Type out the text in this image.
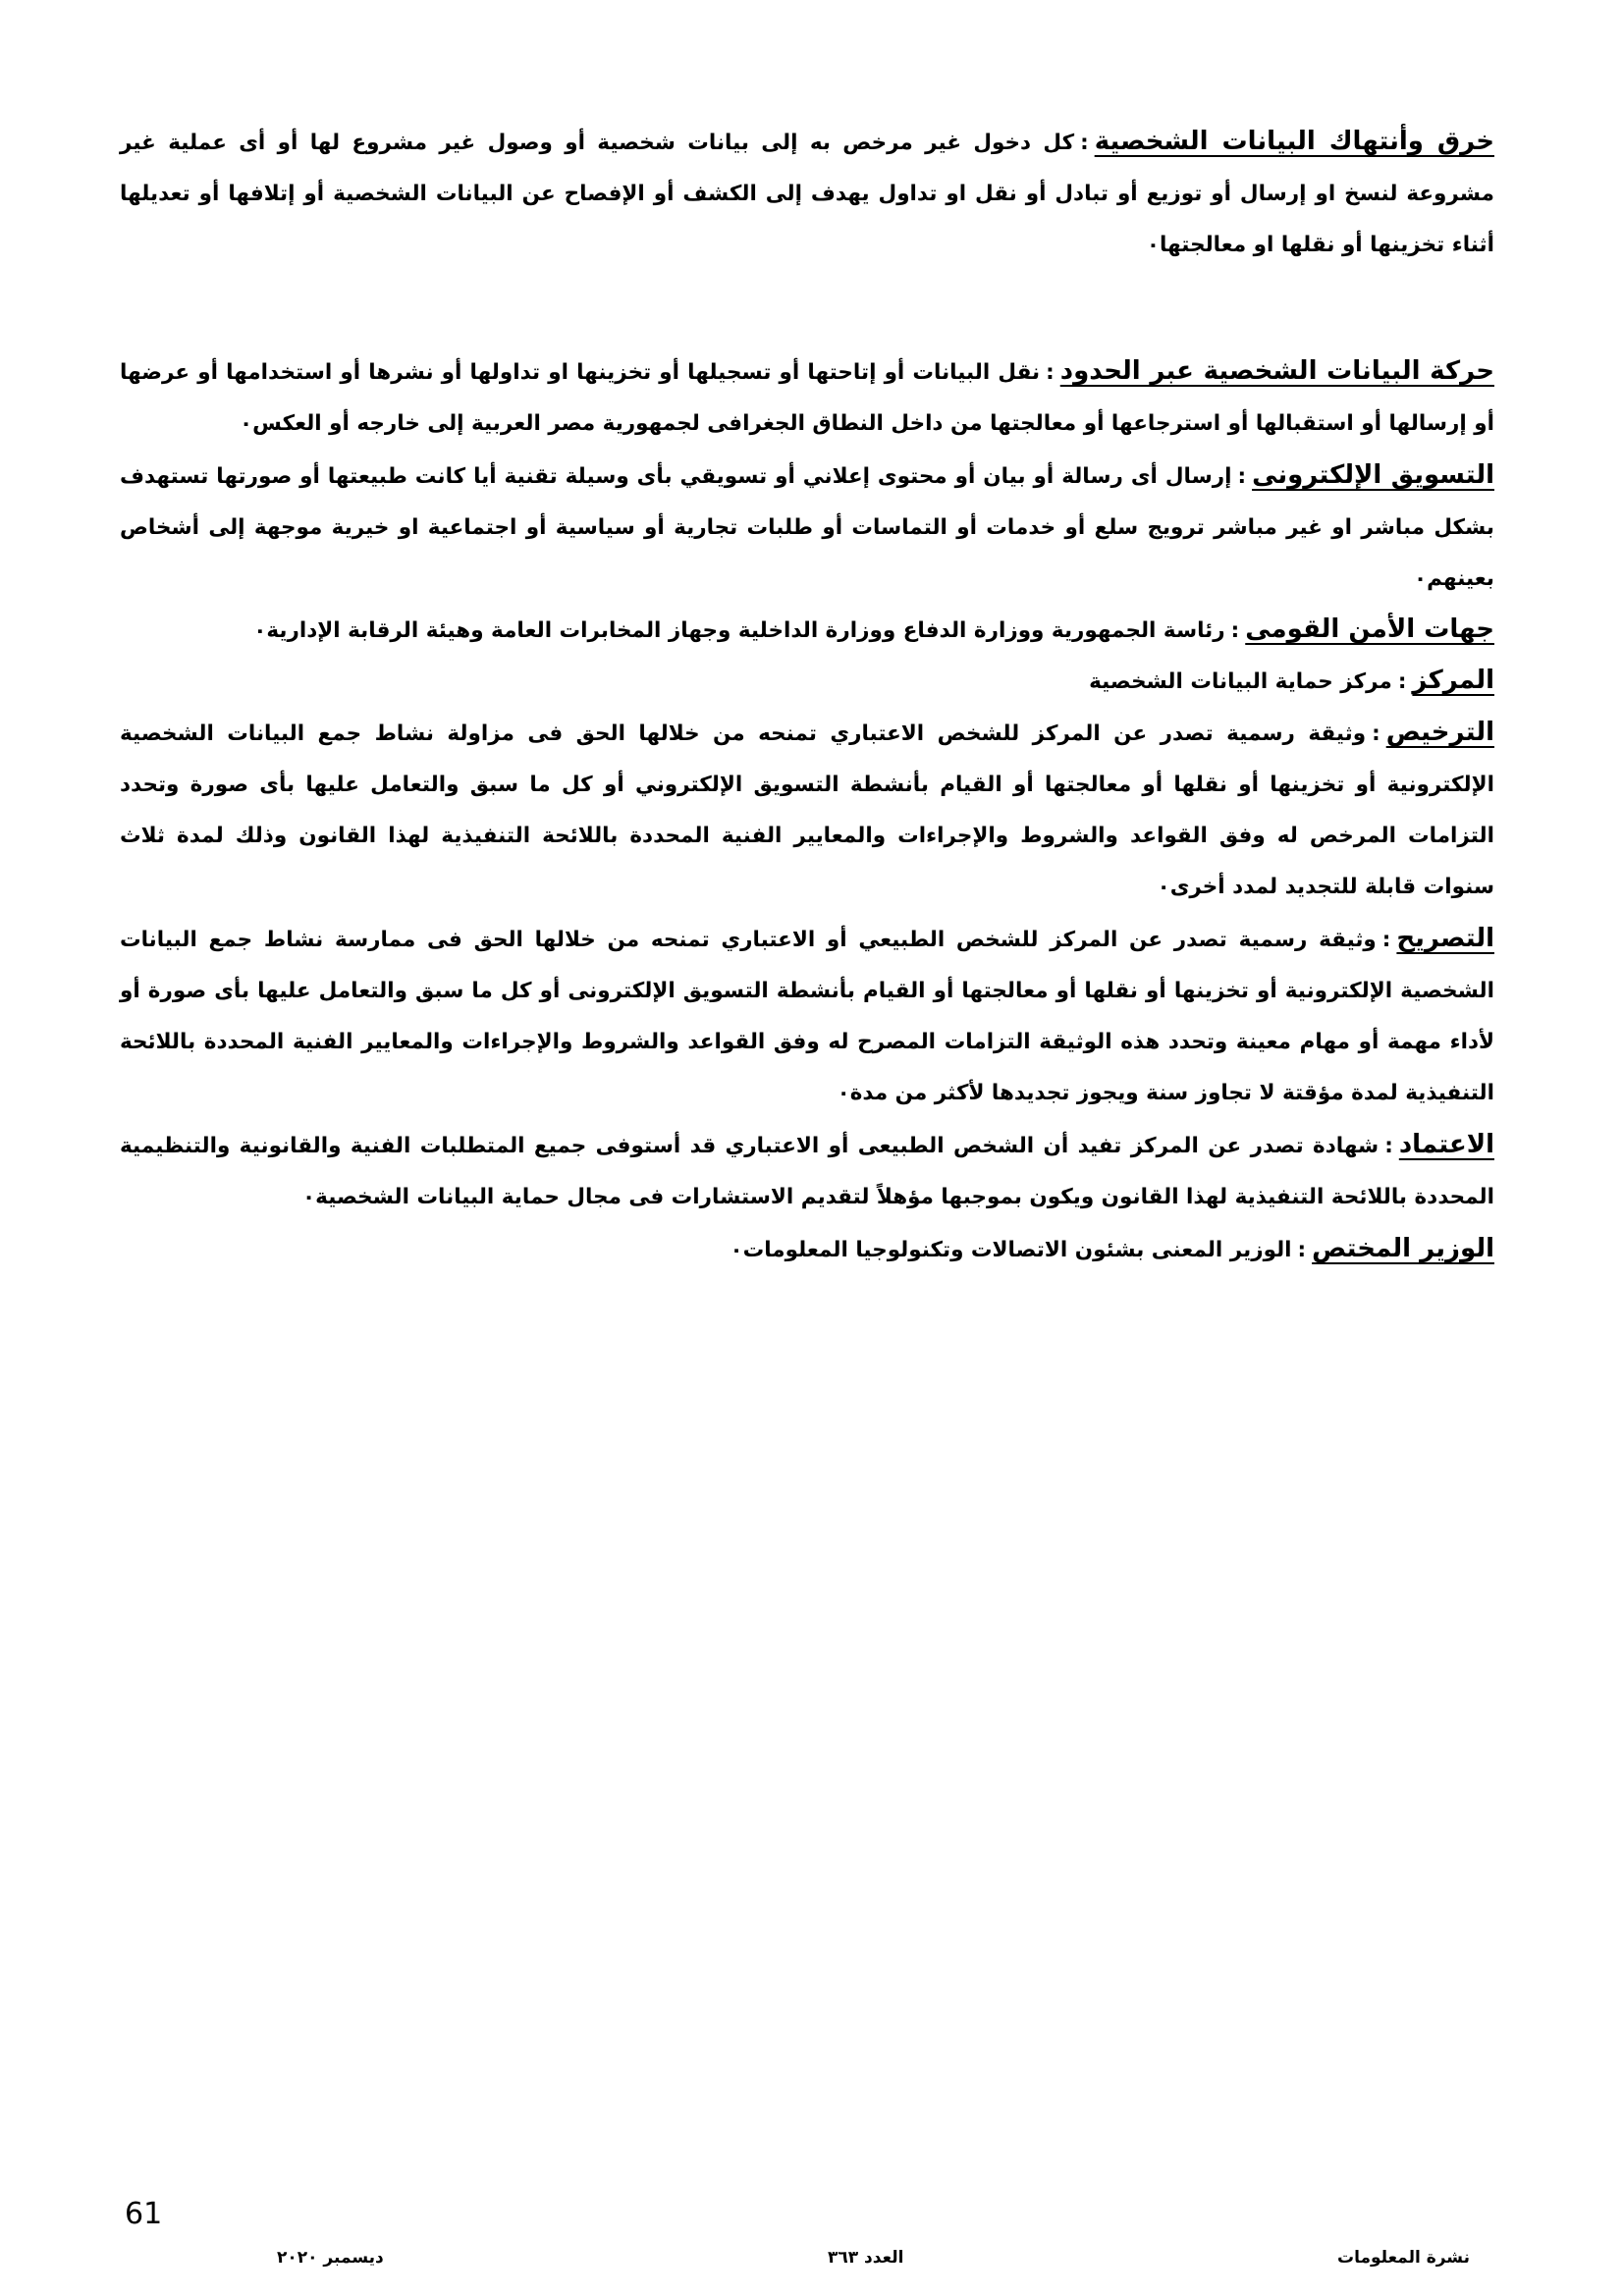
خرق وأنتهاك البيانات الشخصية:كل دخول غير مرخص به إلى بيانات شخصية أو وصول غير مشروع لها أو أى عملية غير مشروعة لنسخ او إرسال أو توزيع أو تبادل أو نقل او تداول يهدف إلى الكشف أو الإفصاح عن البيانات الشخصية أو إتلافها أو تعديلها أثناء تخزينها أو نقلها او معالجتها٠

حركة البيانات الشخصية عبر الحدود:نقل البيانات أو إتاحتها أو تسجيلها أو تخزينها او تداولها أو نشرها أو استخدامها أو عرضها أو إرسالها أو استقبالها أو استرجاعها أو معالجتها من داخل النطاق الجغرافى لجمهورية مصر العربية إلى خارجه أو العكس٠

التسويق الإلكترونى:إرسال أى رسالة أو بيان أو محتوى إعلاني أو تسويقي بأى وسيلة تقنية أيا كانت طبيعتها أو صورتها تستهدف بشكل مباشر او غير مباشر ترويج سلع أو خدمات أو التماسات أو طلبات تجارية أو سياسية أو اجتماعية او خيرية موجهة إلى أشخاص بعينهم٠

جهات الأمن القومى:رئاسة الجمهورية ووزارة الدفاع ووزارة الداخلية وجهاز المخابرات العامة وهيئة الرقابة الإدارية٠

المركز:مركز حماية البيانات الشخصية

الترخيص:وثيقة رسمية تصدر عن المركز للشخص الاعتباري تمنحه من خلالها الحق فى مزاولة نشاط جمع البيانات الشخصية الإلكترونية أو تخزينها أو نقلها أو معالجتها أو القيام بأنشطة التسويق الإلكتروني أو كل ما سبق والتعامل عليها بأى صورة وتحدد التزامات المرخص له وفق القواعد والشروط والإجراءات والمعايير الفنية المحددة باللائحة التنفيذية لهذا القانون وذلك لمدة ثلاث سنوات قابلة للتجديد لمدد أخرى٠

التصريح:وثيقة رسمية تصدر عن المركز للشخص الطبيعي أو الاعتباري تمنحه من خلالها الحق فى ممارسة نشاط جمع البيانات الشخصية الإلكترونية أو تخزينها أو نقلها أو معالجتها أو القيام بأنشطة التسويق الإلكترونى أو كل ما سبق والتعامل عليها بأى صورة أو لأداء مهمة أو مهام معينة وتحدد هذه الوثيقة التزامات المصرح له وفق القواعد والشروط والإجراءات والمعايير الفنية المحددة باللائحة التنفيذية لمدة مؤقتة لا تجاوز سنة ويجوز تجديدها لأكثر من مدة٠

الاعتماد:شهادة تصدر عن المركز تفيد أن الشخص الطبيعى أو الاعتباري قد أستوفى جميع المتطلبات الفنية والقانونية والتنظيمية المحددة باللائحة التنفيذية لهذا القانون ويكون بموجبها مؤهلاً لتقديم الاستشارات فى مجال حماية البيانات الشخصية٠

الوزير المختص:الوزير المعنى بشئون الاتصالات وتكنولوجيا المعلومات٠

61
نشرة المعلومات
العدد ٣٦٣
ديسمبر ٢٠٢٠
